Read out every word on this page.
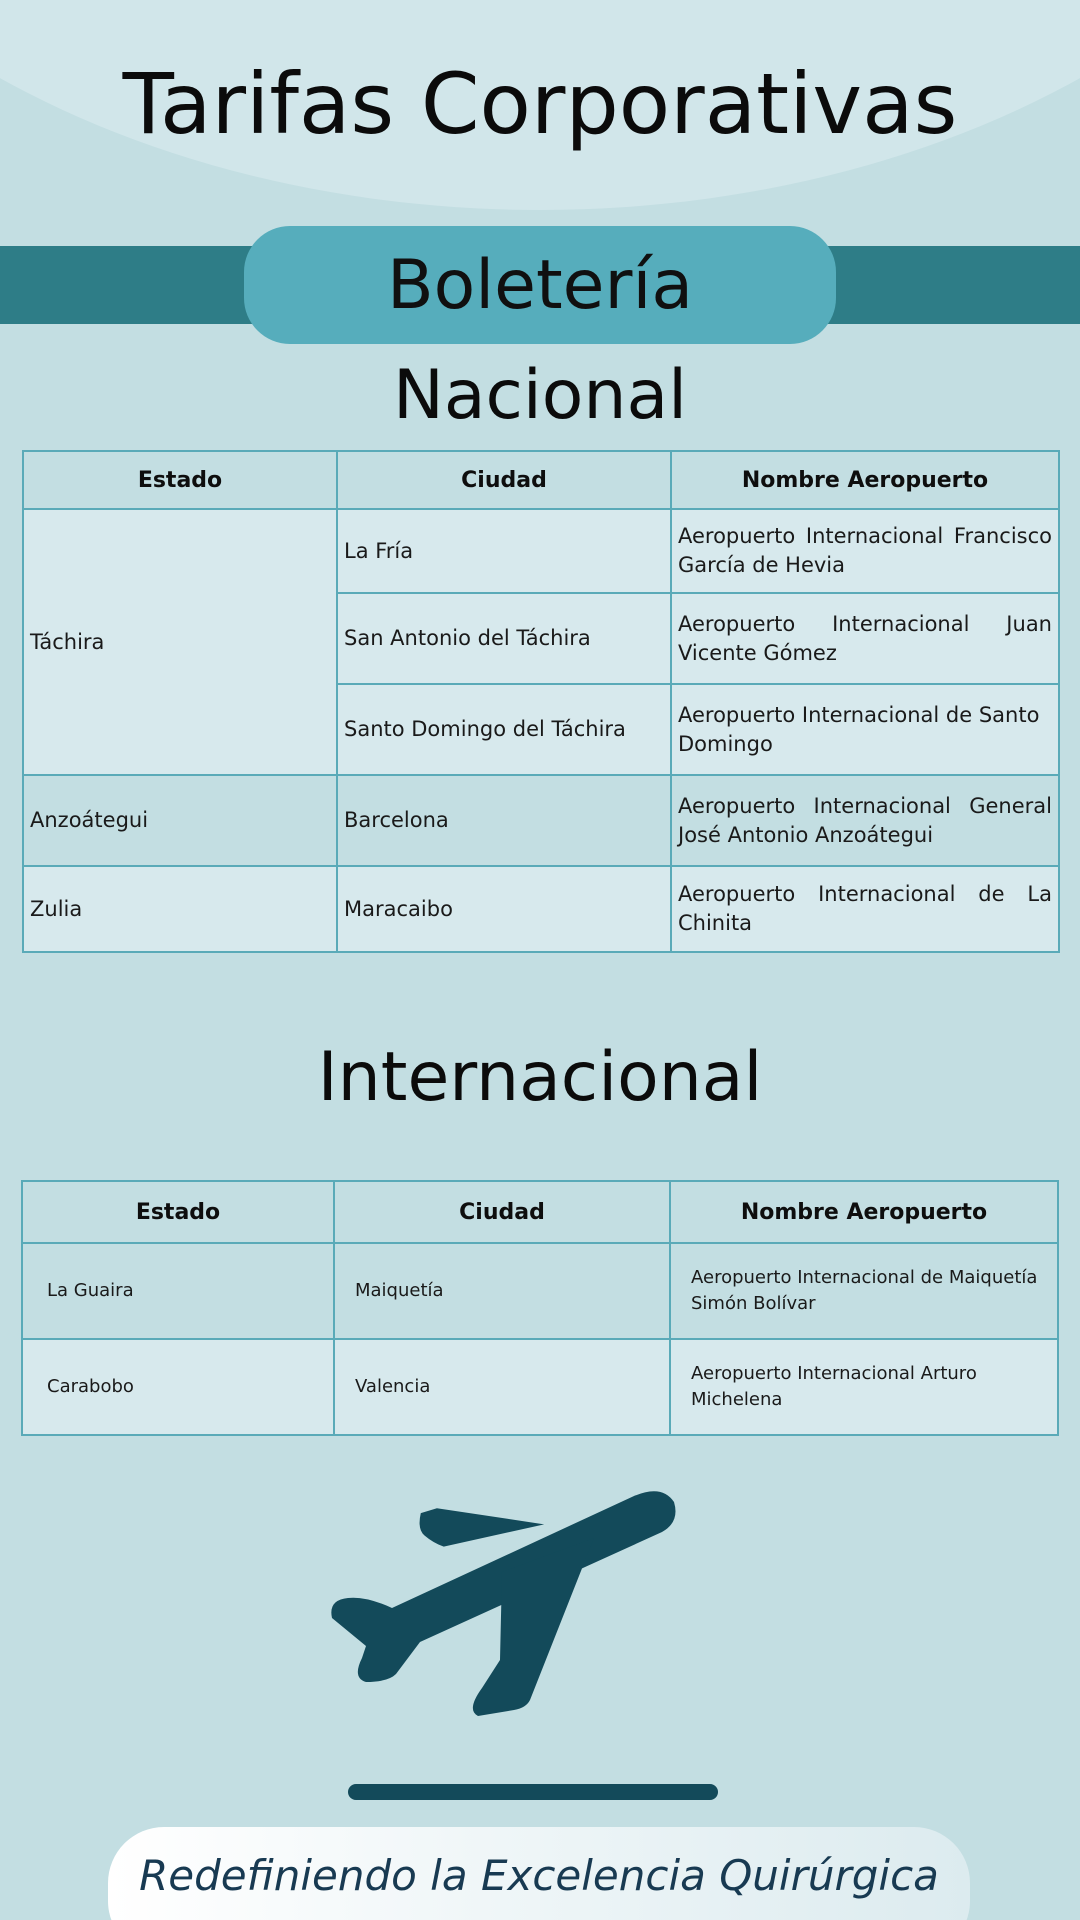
Tarifas Corporativas
Boletería
Nacional
Estado	Ciudad	Nombre Aeropuerto
Táchira	La Fría	Aeropuerto Internacional Francisco García de Hevia
	San Antonio del Táchira	Aeropuerto Internacional Juan Vicente Gómez
	Santo Domingo del Táchira	Aeropuerto Internacional de Santo Domingo
Anzoátegui	Barcelona	Aeropuerto Internacional General José Antonio Anzoátegui
Zulia	Maracaibo	Aeropuerto Internacional de La Chinita
Internacional
Estado	Ciudad	Nombre Aeropuerto
La Guaira	Maiquetía	Aeropuerto Internacional de Maiquetía Simón Bolívar
Carabobo	Valencia	Aeropuerto Internacional Arturo Michelena
Redefiniendo la Excelencia Quirúrgica
